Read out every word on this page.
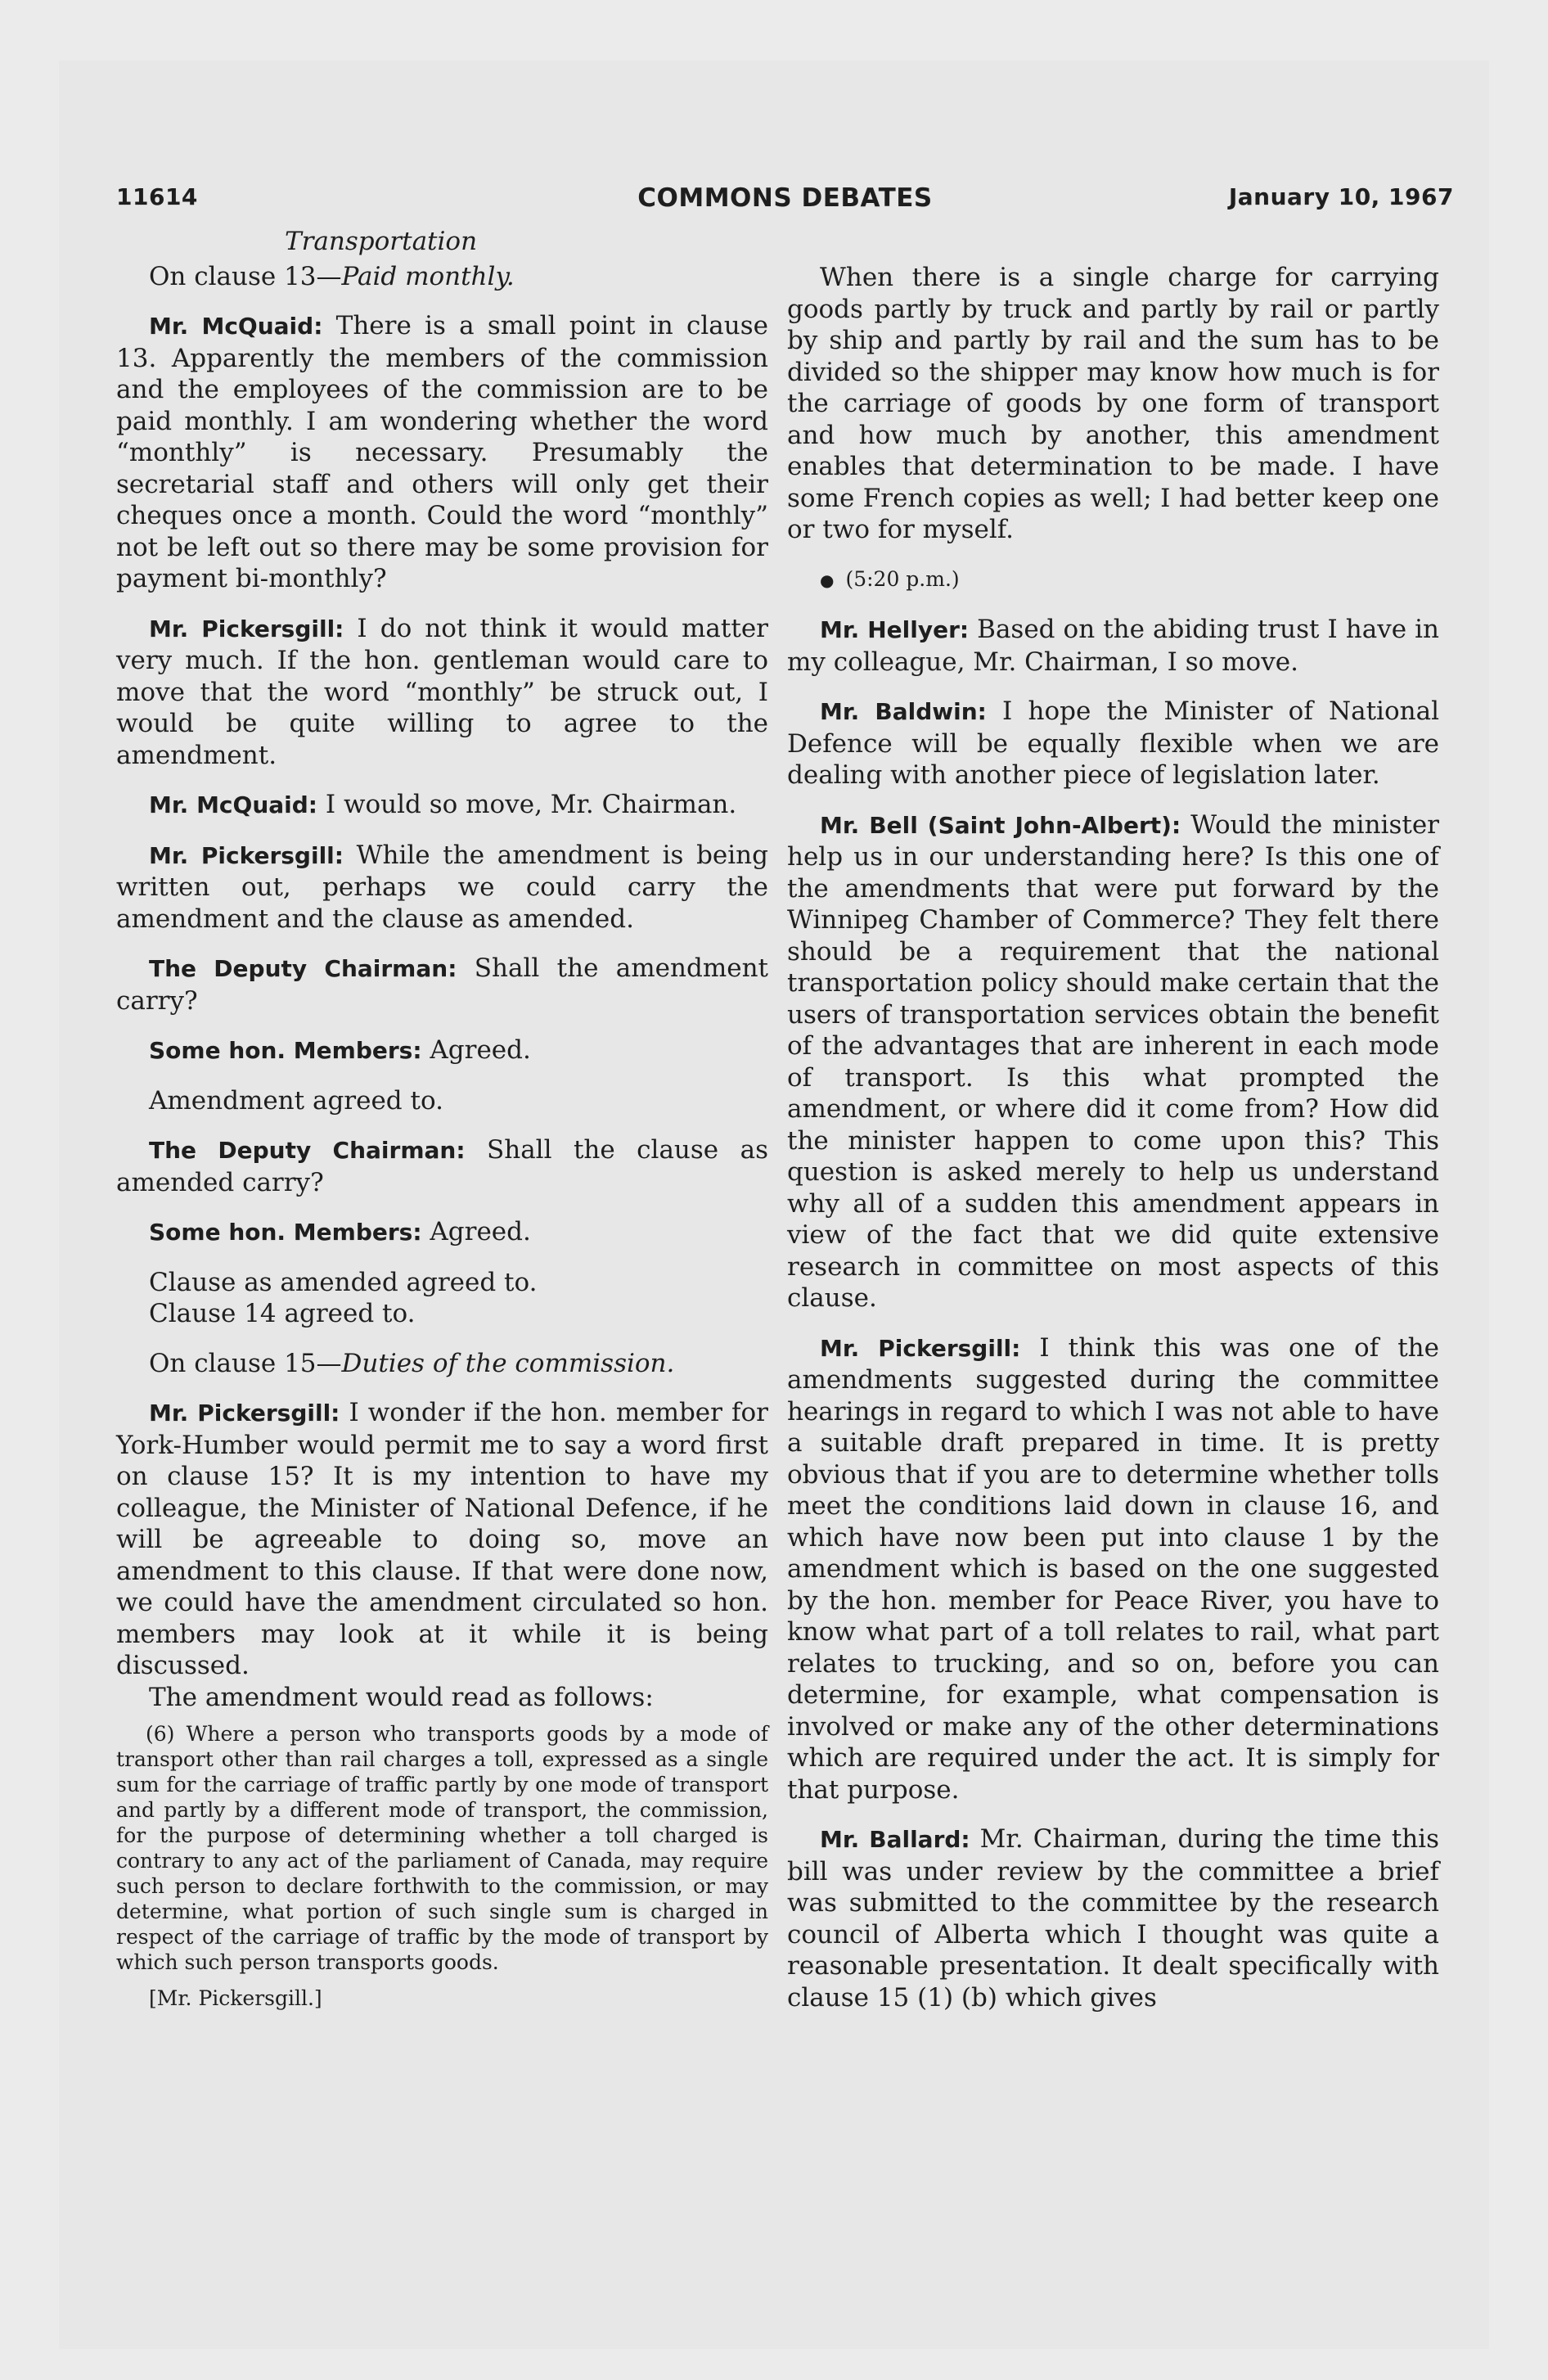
11614	COMMONS DEBATES	January 10, 1967

Transportation

On clause 13—Paid monthly.

Mr. McQuaid: There is a small point in clause 13. Apparently the members of the commission and the employees of the commission are to be paid monthly. I am wondering whether the word “monthly” is necessary. Presumably the secretarial staff and others will only get their cheques once a month. Could the word “monthly” not be left out so there may be some provision for payment bi-monthly?

Mr. Pickersgill: I do not think it would matter very much. If the hon. gentleman would care to move that the word “monthly” be struck out, I would be quite willing to agree to the amendment.

Mr. McQuaid: I would so move, Mr. Chairman.

Mr. Pickersgill: While the amendment is being written out, perhaps we could carry the amendment and the clause as amended.

The Deputy Chairman: Shall the amendment carry?

Some hon. Members: Agreed.

Amendment agreed to.

The Deputy Chairman: Shall the clause as amended carry?

Some hon. Members: Agreed.

Clause as amended agreed to.

Clause 14 agreed to.

On clause 15—Duties of the commission.

Mr. Pickersgill: I wonder if the hon. member for York-Humber would permit me to say a word first on clause 15? It is my intention to have my colleague, the Minister of National Defence, if he will be agreeable to doing so, move an amendment to this clause. If that were done now, we could have the amendment circulated so hon. members may look at it while it is being discussed.

The amendment would read as follows:

(6) Where a person who transports goods by a mode of transport other than rail charges a toll, expressed as a single sum for the carriage of traffic partly by one mode of transport and partly by a different mode of transport, the commission, for the purpose of determining whether a toll charged is contrary to any act of the parliament of Canada, may require such person to declare forthwith to the commission, or may determine, what portion of such single sum is charged in respect of the carriage of traffic by the mode of transport by which such person transports goods.

[Mr. Pickersgill.]

When there is a single charge for carrying goods partly by truck and partly by rail or partly by ship and partly by rail and the sum has to be divided so the shipper may know how much is for the carriage of goods by one form of transport and how much by another, this amendment enables that determination to be made. I have some French copies as well; I had better keep one or two for myself.

● (5:20 p.m.)

Mr. Hellyer: Based on the abiding trust I have in my colleague, Mr. Chairman, I so move.

Mr. Baldwin: I hope the Minister of National Defence will be equally flexible when we are dealing with another piece of legislation later.

Mr. Bell (Saint John-Albert): Would the minister help us in our understanding here? Is this one of the amendments that were put forward by the Winnipeg Chamber of Commerce? They felt there should be a requirement that the national transportation policy should make certain that the users of transportation services obtain the benefit of the advantages that are inherent in each mode of transport. Is this what prompted the amendment, or where did it come from? How did the minister happen to come upon this? This question is asked merely to help us understand why all of a sudden this amendment appears in view of the fact that we did quite extensive research in committee on most aspects of this clause.

Mr. Pickersgill: I think this was one of the amendments suggested during the committee hearings in regard to which I was not able to have a suitable draft prepared in time. It is pretty obvious that if you are to determine whether tolls meet the conditions laid down in clause 16, and which have now been put into clause 1 by the amendment which is based on the one suggested by the hon. member for Peace River, you have to know what part of a toll relates to rail, what part relates to trucking, and so on, before you can determine, for example, what compensation is involved or make any of the other determinations which are required under the act. It is simply for that purpose.

Mr. Ballard: Mr. Chairman, during the time this bill was under review by the committee a brief was submitted to the committee by the research council of Alberta which I thought was quite a reasonable presentation. It dealt specifically with clause 15 (1) (b) which gives
